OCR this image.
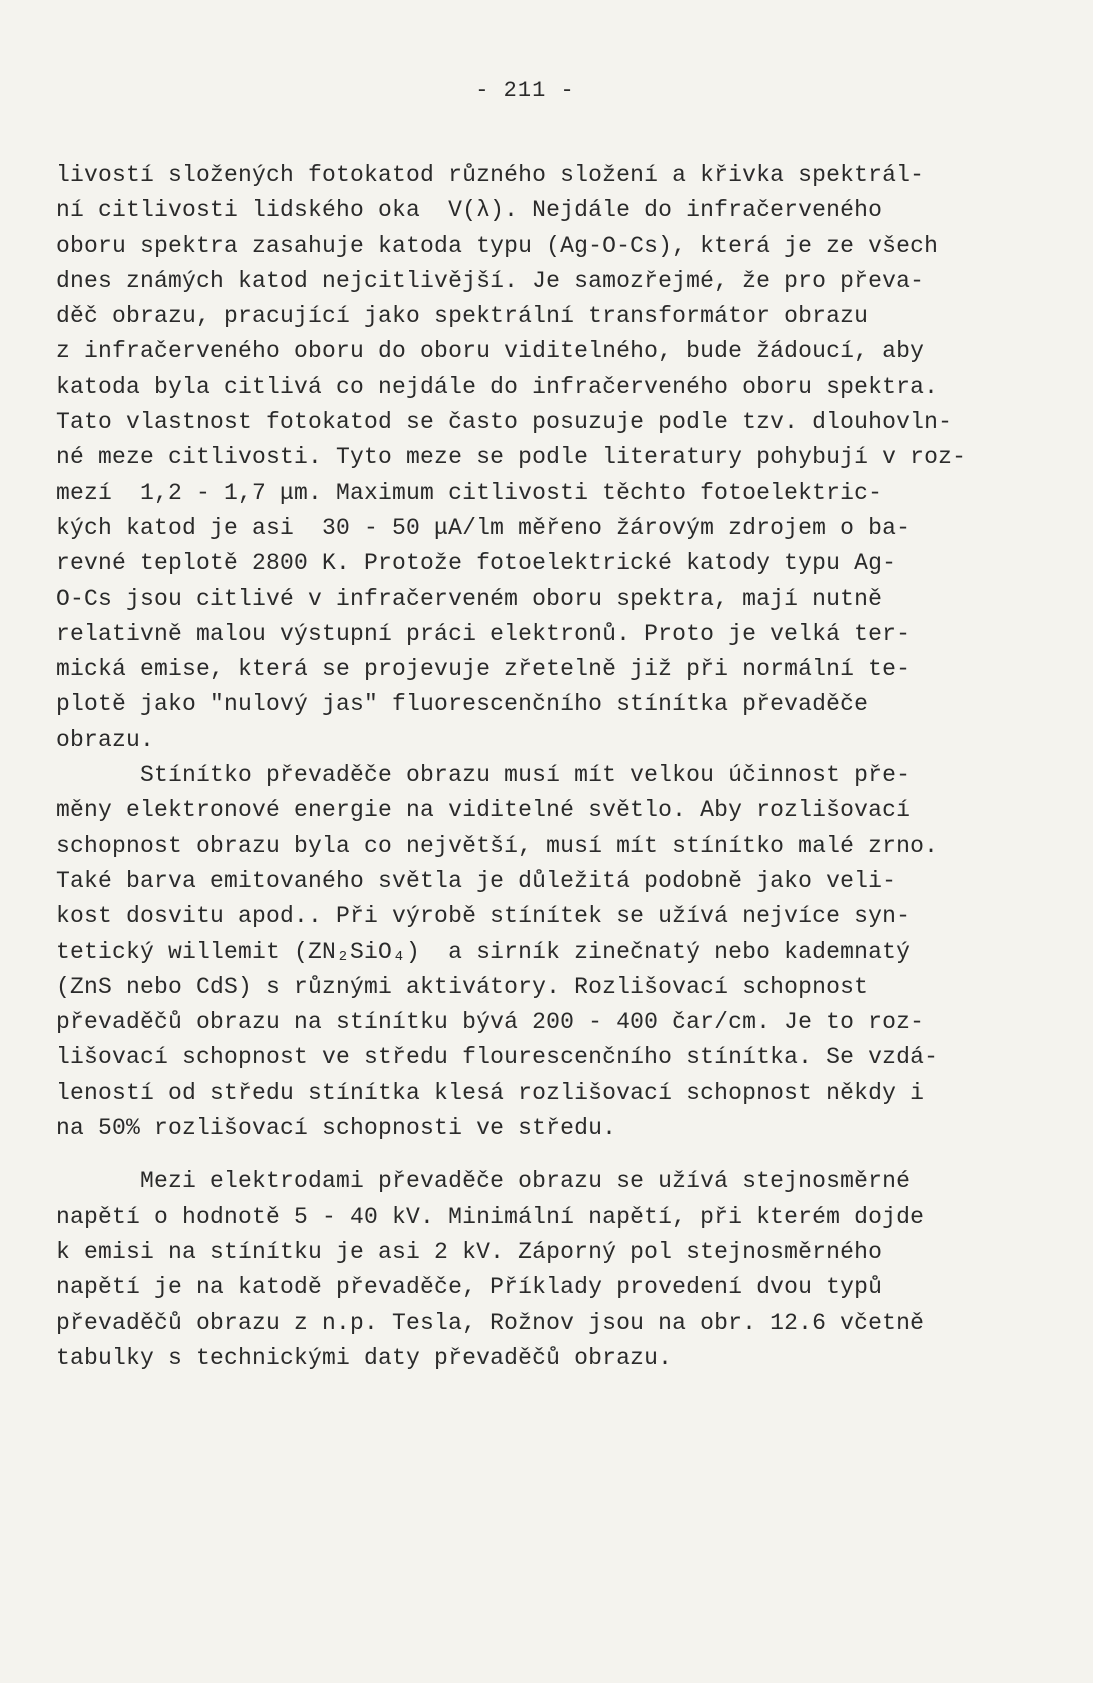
- 211 -
livostí složených fotokatod různého složení a křivka spektrál-
ní citlivosti lidského oka  V(λ). Nejdále do infračerveného
oboru spektra zasahuje katoda typu (Ag-O-Cs), která je ze všech
dnes známých katod nejcitlivější. Je samozřejmé, že pro převa-
děč obrazu, pracující jako spektrální transformátor obrazu
z infračerveného oboru do oboru viditelného, bude žádoucí, aby
katoda byla citlivá co nejdále do infračerveného oboru spektra.
Tato vlastnost fotokatod se často posuzuje podle tzv. dlouhovln-
né meze citlivosti. Tyto meze se podle literatury pohybují v roz-
mezí  1,2 - 1,7 μm. Maximum citlivosti těchto fotoelektric-
kých katod je asi  30 - 50 μA/lm měřeno žárovým zdrojem o ba-
revné teplotě 2800 K. Protože fotoelektrické katody typu Ag-
O-Cs jsou citlivé v infračerveném oboru spektra, mají nutně
relativně malou výstupní práci elektronů. Proto je velká ter-
mická emise, která se projevuje zřetelně již při normální te-
plotě jako "nulový jas" fluorescenčního stínítka převaděče
obrazu.
Stínítko převaděče obrazu musí mít velkou účinnost pře-
měny elektronové energie na viditelné světlo. Aby rozlišovací
schopnost obrazu byla co největší, musí mít stínítko malé zrno.
Také barva emitovaného světla je důležitá podobně jako veli-
kost dosvitu apod.. Při výrobě stínítek se užívá nejvíce syn-
tetický willemit (ZN₂SiO₄)  a sirník zinečnatý nebo kademnatý
(ZnS nebo CdS) s různými aktivátory. Rozlišovací schopnost
převaděčů obrazu na stínítku bývá 200 - 400 čar/cm. Je to roz-
lišovací schopnost ve středu flourescenčního stínítka. Se vzdá-
leností od středu stínítka klesá rozlišovací schopnost někdy i
na 50% rozlišovací schopnosti ve středu.
Mezi elektrodami převaděče obrazu se užívá stejnosměrné
napětí o hodnotě 5 - 40 kV. Minimální napětí, při kterém dojde
k emisi na stínítku je asi 2 kV. Záporný pol stejnosměrného
napětí je na katodě převaděče, Příklady provedení dvou typů
převaděčů obrazu z n.p. Tesla, Rožnov jsou na obr. 12.6 včetně
tabulky s technickými daty převaděčů obrazu.
